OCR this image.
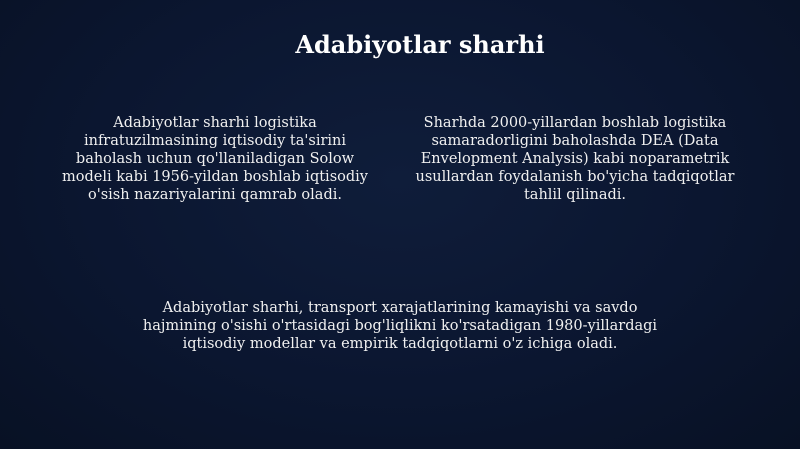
Adabiyotlar sharhi

Adabiyotlar sharhi logistika infratuzilmasining iqtisodiy ta'sirini baholash uchun qo'llaniladigan Solow modeli kabi 1956-yildan boshlab iqtisodiy o'sish nazariyalarini qamrab oladi.

Sharhda 2000-yillardan boshlab logistika samaradorligini baholashda DEA (Data Envelopment Analysis) kabi noparametrik usullardan foydalanish bo'yicha tadqiqotlar tahlil qilinadi.

Adabiyotlar sharhi, transport xarajatlarining kamayishi va savdo hajmining o'sishi o'rtasidagi bog'liqlikni ko'rsatadigan 1980-yillardagi iqtisodiy modellar va empirik tadqiqotlarni o'z ichiga oladi.
